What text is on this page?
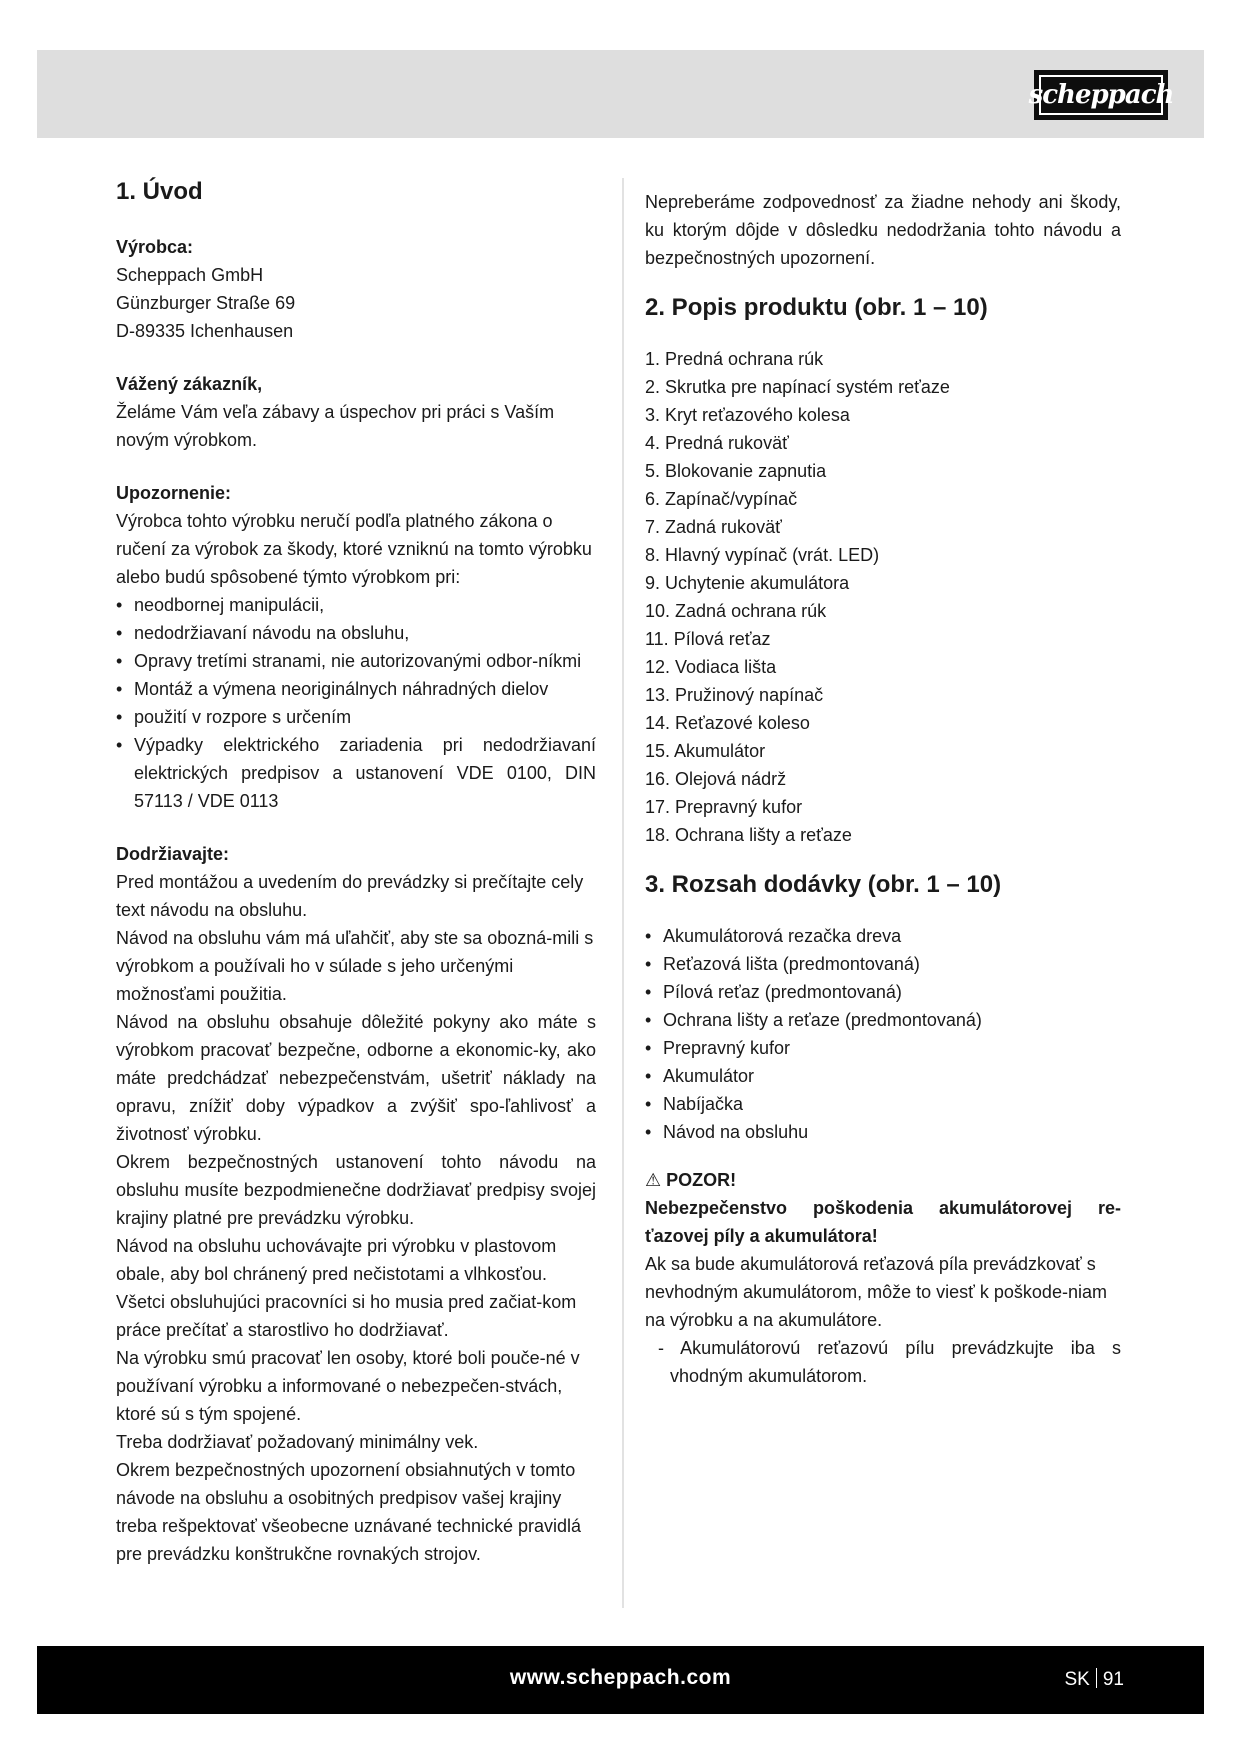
scheppach
1. Úvod

Výrobca:

Scheppach GmbH

Günzburger Straße 69

D-89335 Ichenhausen

Vážený zákazník,

Želáme Vám veľa zábavy a úspechov pri práci s Vaším novým výrobkom.

Upozornenie:

Výrobca tohto výrobku neručí podľa platného zákona o ručení za výrobok za škody, ktoré vzniknú na tomto výrobku alebo budú spôsobené týmto výrobkom pri:

• neodbornej manipulácii,
• nedodržiavaní návodu na obsluhu,
• Opravy tretími stranami, nie autorizovanými odbor-níkmi
• Montáž a výmena neoriginálnych náhradných dielov
• použití v rozpore s určením
• Výpadky elektrického zariadenia pri nedodržiavaní elektrických predpisov a ustanovení VDE 0100, DIN 57113 / VDE 0113

Dodržiavajte:

Pred montážou a uvedením do prevádzky si prečítajte cely text návodu na obsluhu.

Návod na obsluhu vám má uľahčiť, aby ste sa obozná-mili s výrobkom a používali ho v súlade s jeho určenými možnosťami použitia.

Návod na obsluhu obsahuje dôležité pokyny ako máte s výrobkom pracovať bezpečne, odborne a ekonomic-ky, ako máte predchádzať nebezpečenstvám, ušetriť náklady na opravu, znížiť doby výpadkov a zvýšiť spo-ľahlivosť a životnosť výrobku.

Okrem bezpečnostných ustanovení tohto návodu na obsluhu musíte bezpodmienečne dodržiavať predpisy svojej krajiny platné pre prevádzku výrobku.

Návod na obsluhu uchovávajte pri výrobku v plastovom obale, aby bol chránený pred nečistotami a vlhkosťou. Všetci obsluhujúci pracovníci si ho musia pred začiat-kom práce prečítať a starostlivo ho dodržiavať.

Na výrobku smú pracovať len osoby, ktoré boli pouče-né v používaní výrobku a informované o nebezpečen-stvách, ktoré sú s tým spojené.

Treba dodržiavať požadovaný minimálny vek.

Okrem bezpečnostných upozornení obsiahnutých v tomto návode na obsluhu a osobitných predpisov vašej krajiny treba rešpektovať všeobecne uznávané technické pravidlá pre prevádzku konštrukčne rovnakých strojov.

Nepreberáme zodpovednosť za žiadne nehody ani škody, ku ktorým dôjde v dôsledku nedodržania tohto návodu a bezpečnostných upozornení.

2. Popis produktu (obr. 1 – 10)
1. Predná ochrana rúk
2. Skrutka pre napínací systém reťaze
3. Kryt reťazového kolesa
4. Predná rukoväť
5. Blokovanie zapnutia
6. Zapínač/vypínač
7. Zadná rukoväť
8. Hlavný vypínač (vrát. LED)
9. Uchytenie akumulátora
10. Zadná ochrana rúk
11. Pílová reťaz
12. Vodiaca lišta
13. Pružinový napínač
14. Reťazové koleso
15. Akumulátor
16. Olejová nádrž
17. Prepravný kufor
18. Ochrana lišty a reťaze
3. Rozsah dodávky (obr. 1 – 10)
• Akumulátorová rezačka dreva
• Reťazová lišta (predmontovaná)
• Pílová reťaz (predmontovaná)
• Ochrana lišty a reťaze (predmontovaná)
• Prepravný kufor
• Akumulátor
• Nabíjačka
• Návod na obsluhu

⚠ POZOR!

Nebezpečenstvo poškodenia akumulátorovej re-ťazovej píly a akumulátora!

Ak sa bude akumulátorová reťazová píla prevádzkovať s nevhodným akumulátorom, môže to viesť k poškode-niam na výrobku a na akumulátore.

- Akumulátorovú reťazovú pílu prevádzkujte iba s vhodným akumulátorom.

www.scheppach.com	SK 91
